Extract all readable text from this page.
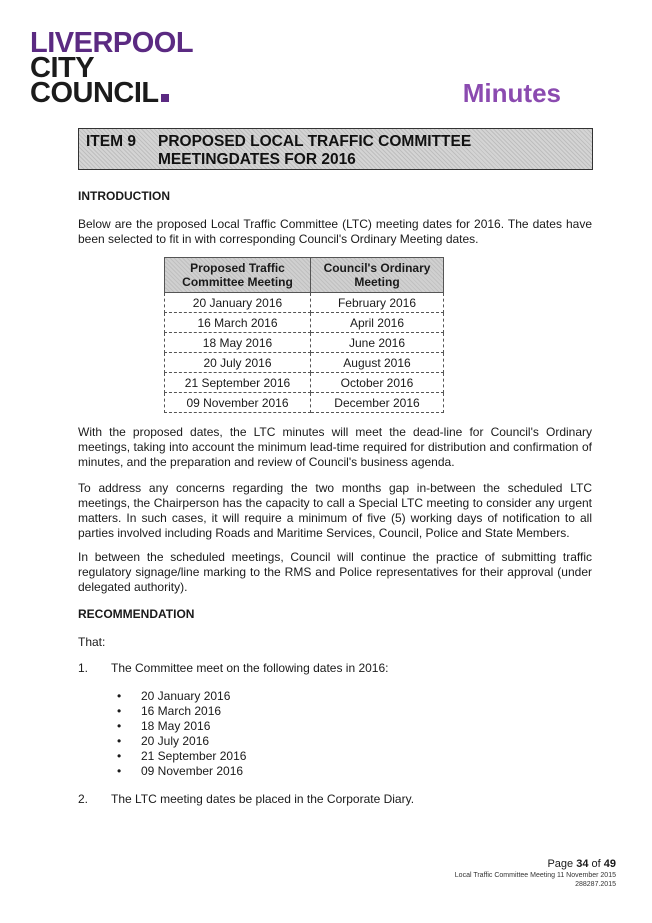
LIVERPOOL
CITY
COUNCIL	Minutes
ITEM 9 PROPOSED LOCAL TRAFFIC COMMITTEE MEETINGDATES FOR 2016
INTRODUCTION
Below are the proposed Local Traffic Committee (LTC) meeting dates for 2016. The dates have been selected to fit in with corresponding Council's Ordinary Meeting dates.
Proposed Traffic Committee Meeting	Council's Ordinary Meeting
20 January 2016	February 2016
16 March 2016	April 2016
18 May 2016	June 2016
20 July 2016	August 2016
21 September 2016	October 2016
09 November 2016	December 2016
With the proposed dates, the LTC minutes will meet the dead-line for Council's Ordinary meetings, taking into account the minimum lead-time required for distribution and confirmation of minutes, and the preparation and review of Council's business agenda.
To address any concerns regarding the two months gap in-between the scheduled LTC meetings, the Chairperson has the capacity to call a Special LTC meeting to consider any urgent matters. In such cases, it will require a minimum of five (5) working days of notification to all parties involved including Roads and Maritime Services, Council, Police and State Members.
In between the scheduled meetings, Council will continue the practice of submitting traffic regulatory signage/line marking to the RMS and Police representatives for their approval (under delegated authority).
RECOMMENDATION
That:
1. The Committee meet on the following dates in 2016:
• 20 January 2016
• 16 March 2016
• 18 May 2016
• 20 July 2016
• 21 September 2016
• 09 November 2016
2. The LTC meeting dates be placed in the Corporate Diary.
Page 34 of 49
Local Traffic Committee Meeting 11 November 2015
288287.2015
